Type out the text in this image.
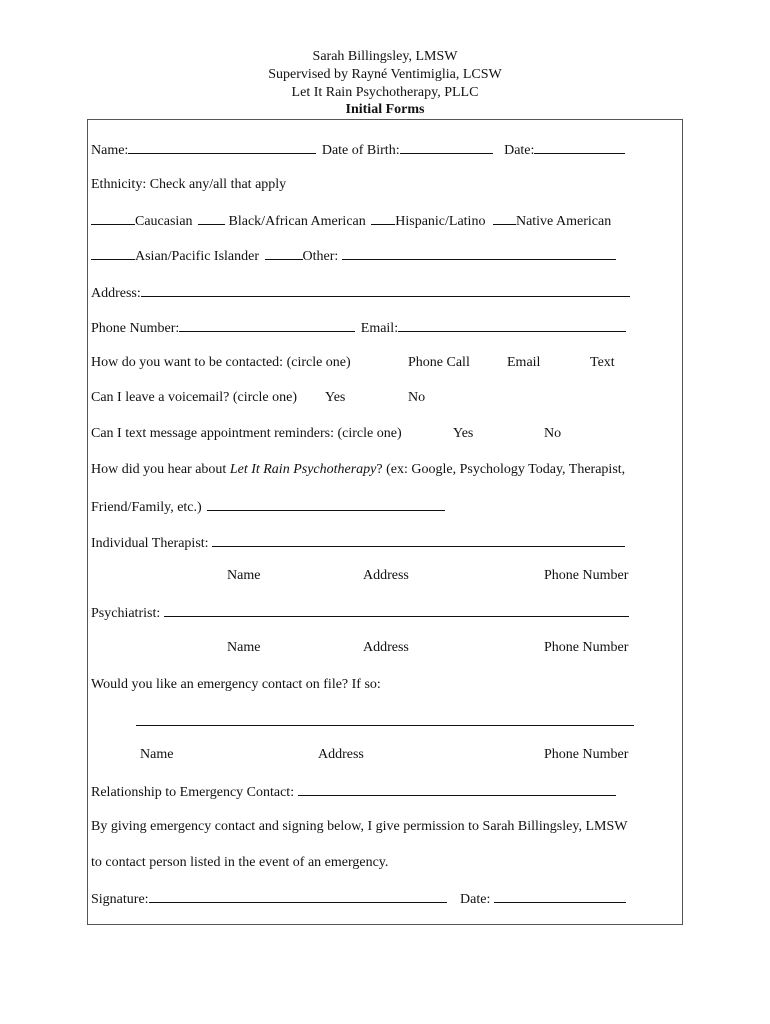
Sarah Billingsley, LMSW
Supervised by Rayné Ventimiglia, LCSW
Let It Rain Psychotherapy, PLLC
Initial Forms
Name:	Date of Birth:	Date:
Ethnicity: Check any/all that apply
Caucasian	Black/African American Hispanic/Latino Native American
Asian/Pacific Islander	Other:
Address:
Phone Number:	Email:
How do you want to be contacted: (circle one)	Phone Call	Email	Text
Can I leave a voicemail? (circle one) Yes	No
Can I text message appointment reminders: (circle one)	Yes	No
How did you hear about Let It Rain Psychotherapy? (ex: Google, Psychology Today, Therapist,
Friend/Family, etc.)
Individual Therapist:
Name	Address	Phone Number
Psychiatrist:
Name	Address	Phone Number
Would you like an emergency contact on file? If so:
Name	Address	Phone Number
Relationship to Emergency Contact:
By giving emergency contact and signing below, I give permission to Sarah Billingsley, LMSW
to contact person listed in the event of an emergency.
Signature:	Date:
